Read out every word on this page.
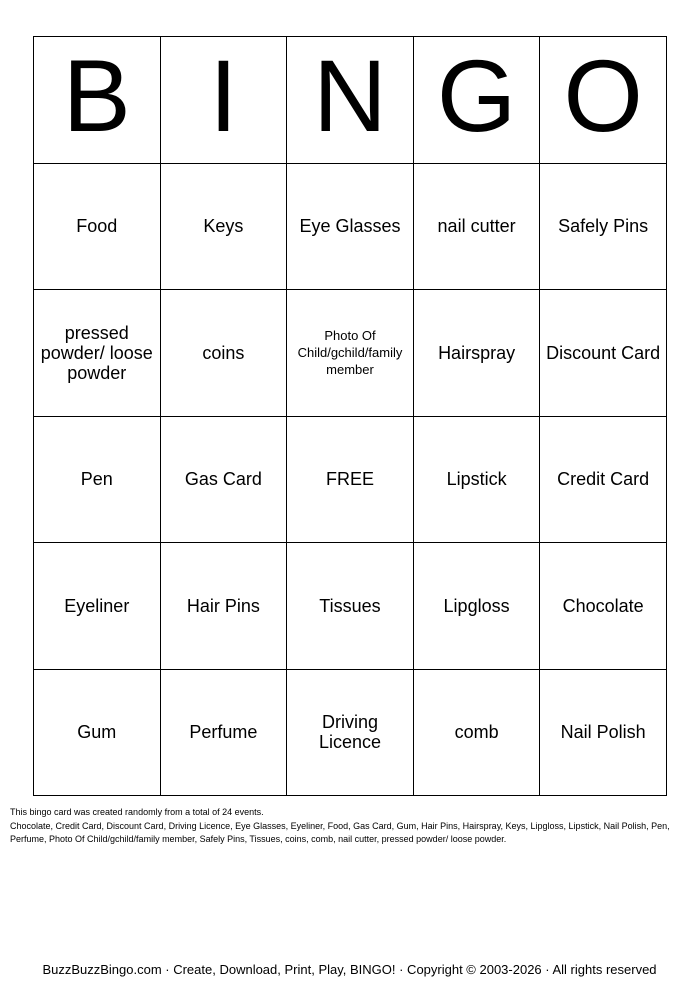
B	I	N	G	O
Food	Keys	Eye Glasses	nail cutter	Safely Pins
pressed powder/ loose powder	coins	Photo Of Child/gchild/family member	Hairspray	Discount Card
Pen	Gas Card	FREE	Lipstick	Credit Card
Eyeliner	Hair Pins	Tissues	Lipgloss	Chocolate
Gum	Perfume	Driving Licence	comb	Nail Polish
This bingo card was created randomly from a total of 24 events.
Chocolate, Credit Card, Discount Card, Driving Licence, Eye Glasses, Eyeliner, Food, Gas Card, Gum, Hair Pins, Hairspray, Keys, Lipgloss, Lipstick, Nail Polish, Pen, Perfume, Photo Of Child/gchild/family member, Safely Pins, Tissues, coins, comb, nail cutter, pressed powder/ loose powder.
BuzzBuzzBingo.com · Create, Download, Print, Play, BINGO! · Copyright © 2003-2026 · All rights reserved
